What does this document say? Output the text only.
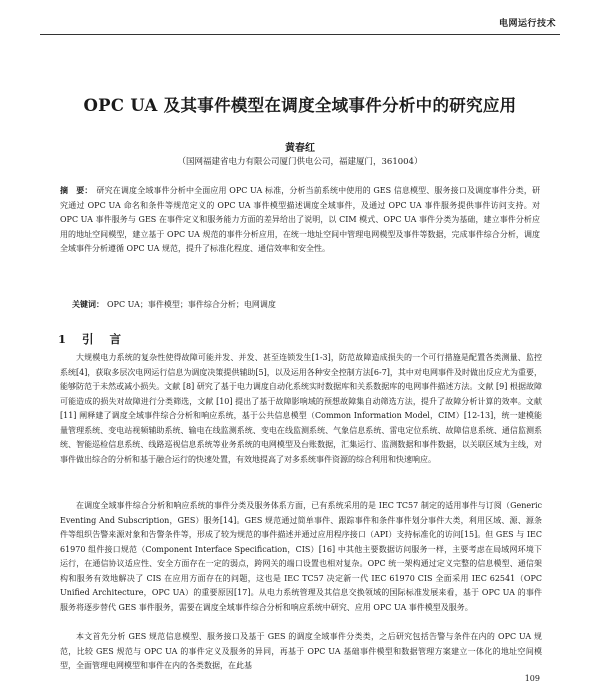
电网运行技术
OPC UA 及其事件模型在调度全域事件分析中的研究应用
黄春红
（国网福建省电力有限公司厦门供电公司，福建厦门，361004）
摘　要： 研究在调度全域事件分析中全面应用 OPC UA 标准，分析当前系统中使用的 GES 信息模型、服务接口及调度事件分类，研究通过 OPC UA 命名和条件等规范定义的 OPC UA 事件模型描述调度全域事件，及通过 OPC UA 事件服务提供事件访问支持。对 OPC UA 事件服务与 GES 在事件定义和服务能力方面的差异给出了说明，以 CIM 模式、OPC UA 事件分类为基础，建立事件分析应用的地址空间模型，建立基于 OPC UA 规范的事件分析应用，在统一地址空间中管理电网模型及事件等数据，完成事件综合分析，调度全域事件分析遵循 OPC UA 规范，提升了标准化程度、通信效率和安全性。
关键词： OPC UA；事件模型；事件综合分析；电网调度
1 引 言

大规模电力系统的复杂性使得故障可能并发、并发、甚至连锁发生[1-3]，防范故障造成损失的一个可行措施是配置各类测量、监控系统[4]，获取多层次电网运行信息为调度决策提供辅助[5]，以及运用各种安全控制方法[6-7]，其中对电网事件及时做出反应尤为重要，能够防范于未然或减小损失。文献 [8] 研究了基于电力调度自动化系统实时数据库和关系数据库的电网事件描述方法。文献 [9] 根据故障可能造成的损失对故障进行分类筛选，文献 [10] 提出了基于故障影响域的预想故障集自动筛选方法，提升了故障分析计算的效率。文献 [11] 阐释建了调度全域事件综合分析和响应系统，基于公共信息模型（Common Information Model，CIM）[12-13]，统一建模能量管理系统、变电站视频辅助系统、输电在线监测系统、变电在线监测系统、气象信息系统、雷电定位系统、故障信息系统、通信监测系统、智能巡检信息系统、线路巡视信息系统等业务系统的电网模型及台账数据，汇集运行、监测数据和事件数据，以关联区域为主线，对事件做出综合的分析和基于融合运行的快速处置，有效地提高了对多系统事件资源的综合利用和快速响应。

在调度全域事件综合分析和响应系统的事件分类及服务体系方面，已有系统采用的是 IEC TC57 制定的适用事件与订阅（Generic Eventing And Subscription，GES）服务[14]。GES 规范通过简单事件、跟踪事件和条件事件划分事件大类，利用区域、源、源条件等组织告警来源对象和告警条件等，形成了较为规范的事件描述并通过应用程序接口（API）支持标准化的访问[15]。但 GES 与 IEC 61970 组件接口规范（Component Interface Specification，CIS）[16] 中其他主要数据访问服务一样，主要考虑在局域网环境下运行，在通信协议适应性、安全方面存在一定的弱点，跨网关的端口设置也相对复杂。OPC 统一架构通过定义完整的信息模型、通信架构和服务有效地解决了 CIS 在应用方面存在的问题，这也是 IEC TC57 决定新一代 IEC 61970 CIS 全面采用 IEC 62541（OPC Unified Architecture，OPC UA）的重要原因[17]。从电力系统管理及其信息交换领域的国际标准发展来看，基于 OPC UA 的事件服务将逐步替代 GES 事件服务，需要在调度全域事件综合分析和响应系统中研究、应用 OPC UA 事件模型及服务。

本文首先分析 GES 规范信息模型、服务接口及基于 GES 的调度全域事件分类类，之后研究包括告警与条件在内的 OPC UA 规范，比较 GES 规范与 OPC UA 的事件定义及服务的异同，再基于 OPC UA 基础事件模型和数据管理方案建立一体化的地址空间模型，全面管理电网模型和事件在内的各类数据，在此基

109
